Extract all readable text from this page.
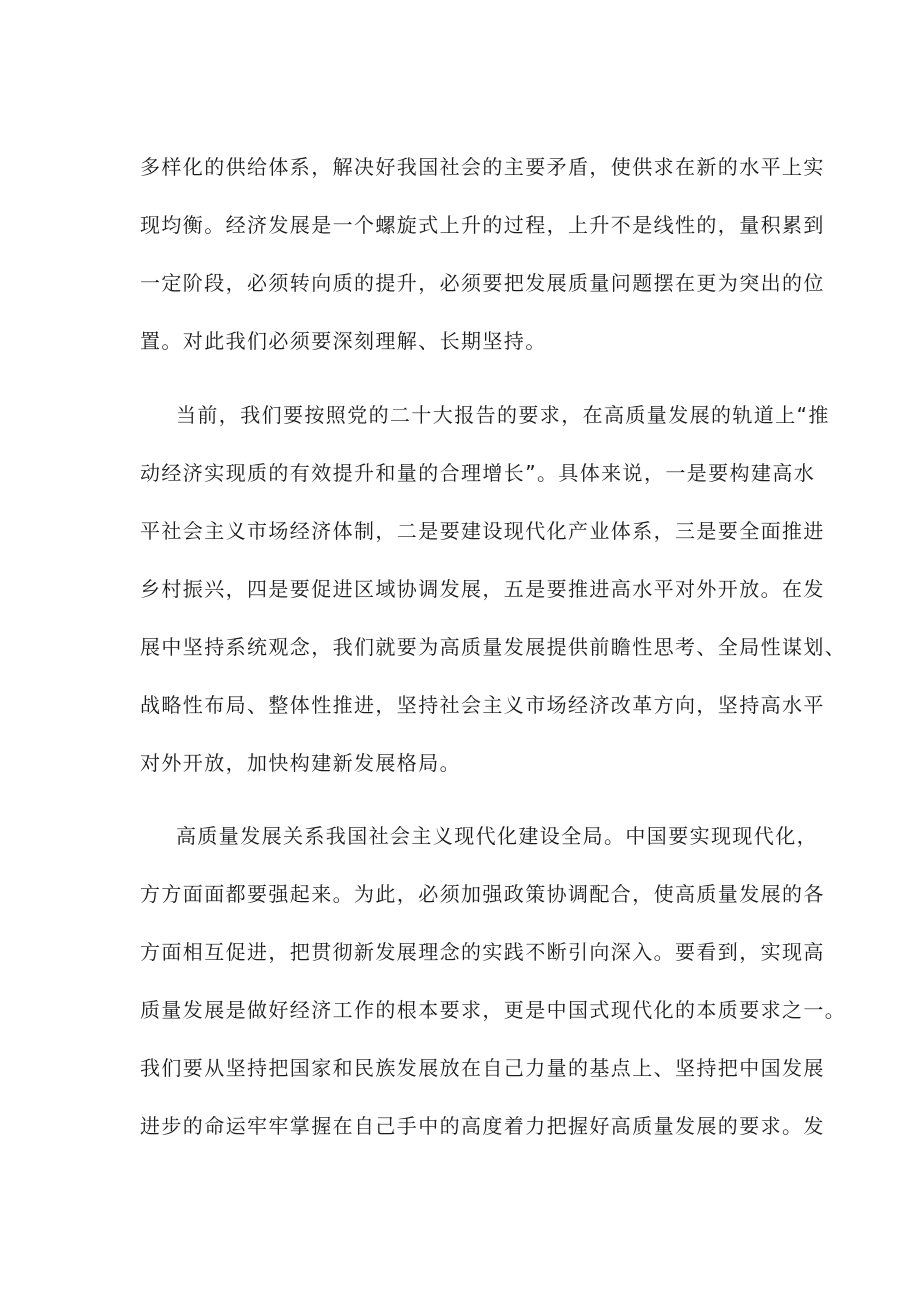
多样化的供给体系，解决好我国社会的主要矛盾，使供求在新的水平上实

现均衡。经济发展是一个螺旋式上升的过程，上升不是线性的，量积累到

一定阶段，必须转向质的提升，必须要把发展质量问题摆在更为突出的位

置。对此我们必须要深刻理解、长期坚持。

当前，我们要按照党的二十大报告的要求，在高质量发展的轨道上“推

动经济实现质的有效提升和量的合理增长”。具体来说，一是要构建高水

平社会主义市场经济体制，二是要建设现代化产业体系，三是要全面推进

乡村振兴，四是要促进区域协调发展，五是要推进高水平对外开放。在发

展中坚持系统观念，我们就要为高质量发展提供前瞻性思考、全局性谋划、

战略性布局、整体性推进，坚持社会主义市场经济改革方向，坚持高水平

对外开放，加快构建新发展格局。

高质量发展关系我国社会主义现代化建设全局。中国要实现现代化，

方方面面都要强起来。为此，必须加强政策协调配合，使高质量发展的各

方面相互促进，把贯彻新发展理念的实践不断引向深入。要看到，实现高

质量发展是做好经济工作的根本要求，更是中国式现代化的本质要求之一。

我们要从坚持把国家和民族发展放在自己力量的基点上、坚持把中国发展

进步的命运牢牢掌握在自己手中的高度着力把握好高质量发展的要求。发
